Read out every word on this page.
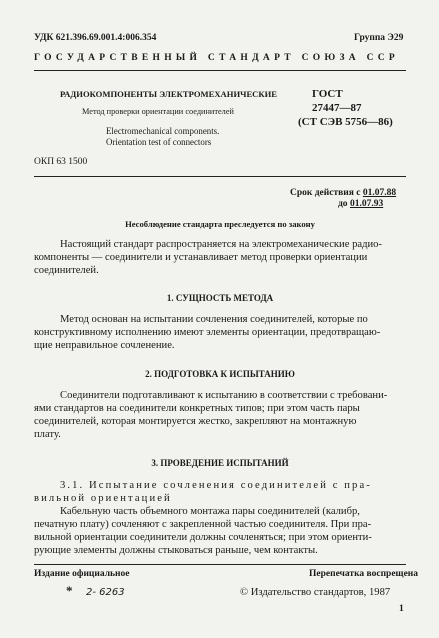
УДК 621.396.69.001.4:006.354	Группа Э29
ГОСУДАРСТВЕННЫЙ СТАНДАРТ СОЮЗА ССР
РАДИОКОМПОНЕНТЫ ЭЛЕКТРОМЕХАНИЧЕСКИЕ
Метод проверки ориентации соединителей
Electromechanical components.
Orientation test of connectors
ОКП 63 1500
ГОСТ
27447—87
(СТ СЭВ 5756—86)
Срок действия с 01.07.88
до 01.07.93
Несоблюдение стандарта преследуется по закону
Настоящий стандарт распространяется на электромеханические радио-
компоненты — соединители и устанавливает метод проверки ориентации
соединителей.
1. СУЩНОСТЬ МЕТОДА
Метод основан на испытании сочленения соединителей, которые по
конструктивному исполнению имеют элементы ориентации, предотвращаю-
щие неправильное сочленение.
2. ПОДГОТОВКА К ИСПЫТАНИЮ
Соединители подготавливают к испытанию в соответствии с требовани-
ями стандартов на соединители конкретных типов; при этом часть пары
соединителей, которая монтируется жестко, закрепляют на монтажную
плату.
3. ПРОВЕДЕНИЕ ИСПЫТАНИЙ
3.1. Испытание сочленения соединителей с пра-
вильной ориентацией
Кабельную часть объемного монтажа пары соединителей (калибр,
печатную плату) сочленяют с закрепленной частью соединителя. При пра-
вильной ориентации соединители должны сочленяться; при этом ориенти-
рующие элементы должны стыковаться раньше, чем контакты.
Издание официальное	Перепечатка воспрещена
* 2- 6263	© Издательство стандартов, 1987
1
